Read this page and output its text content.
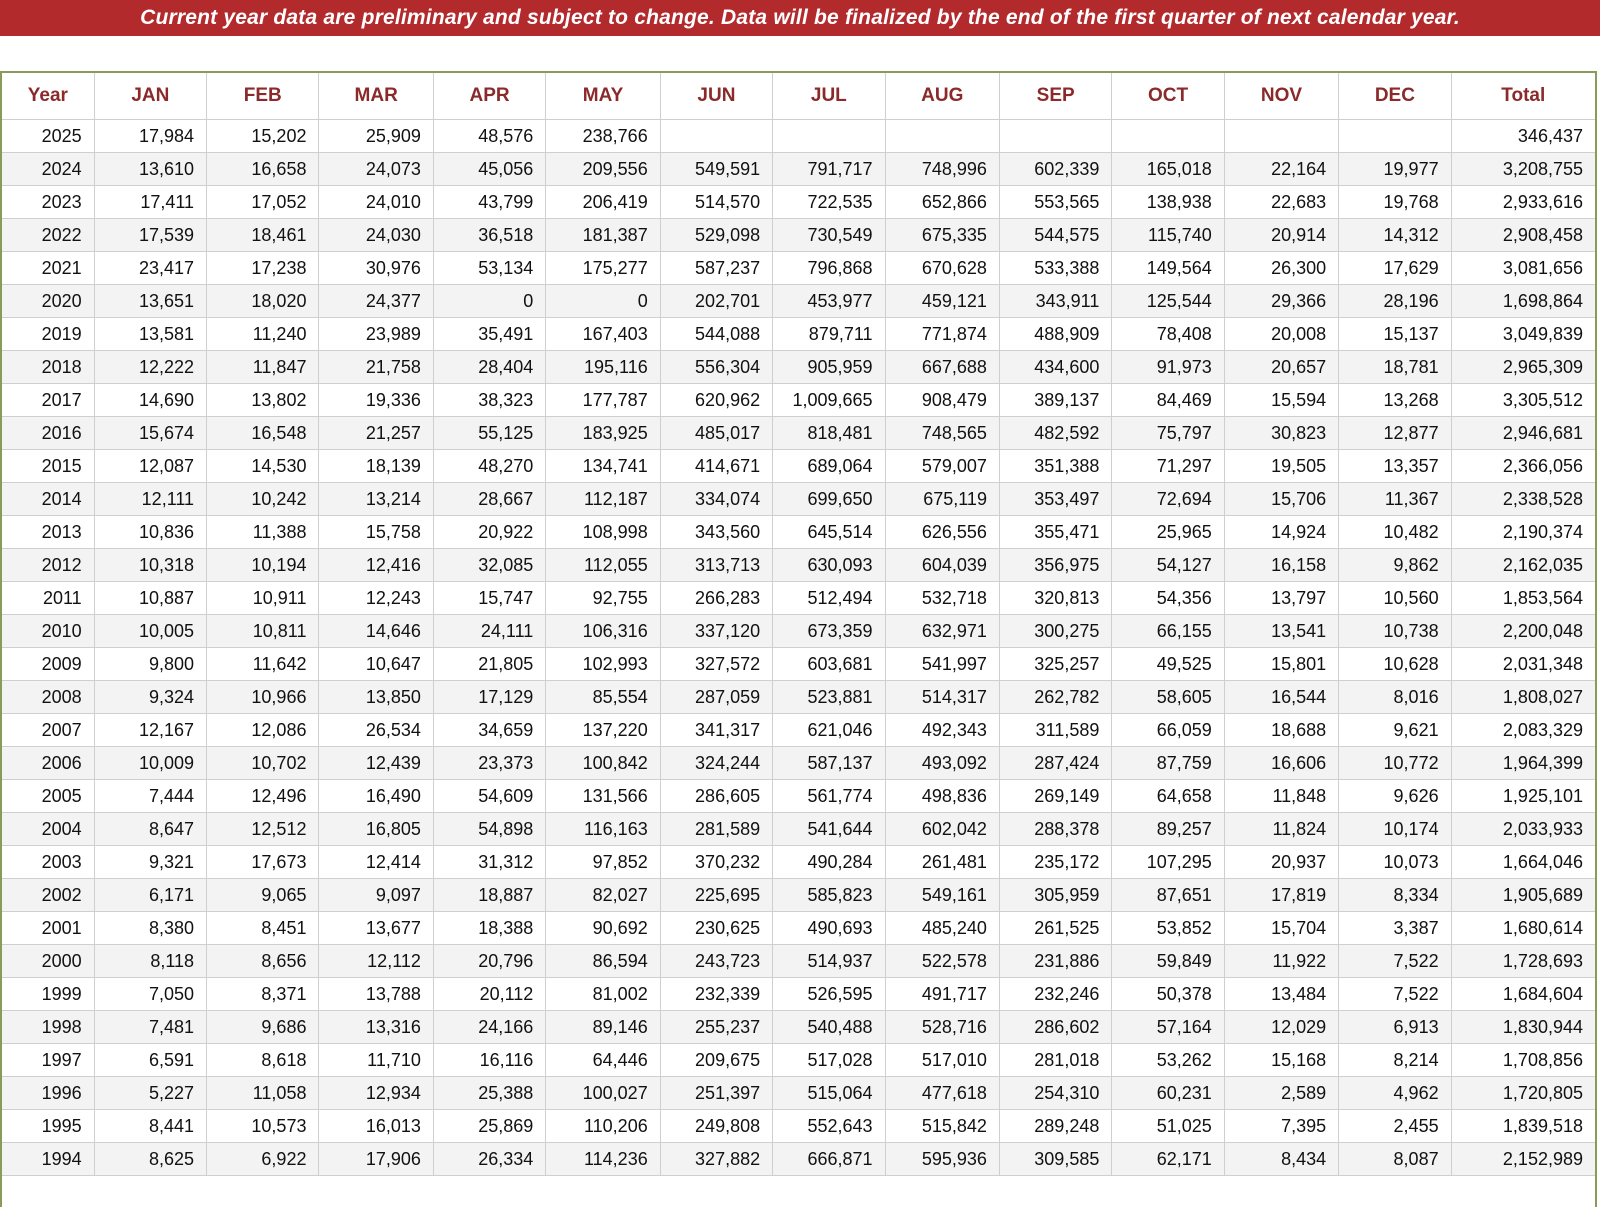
Current year data are preliminary and subject to change. Data will be finalized by the end of the first quarter of next calendar year.
Year	JAN	FEB	MAR	APR	MAY	JUN	JUL	AUG	SEP	OCT	NOV	DEC	Total
2025	17,984	15,202	25,909	48,576	238,766								346,437
2024	13,610	16,658	24,073	45,056	209,556	549,591	791,717	748,996	602,339	165,018	22,164	19,977	3,208,755
2023	17,411	17,052	24,010	43,799	206,419	514,570	722,535	652,866	553,565	138,938	22,683	19,768	2,933,616
2022	17,539	18,461	24,030	36,518	181,387	529,098	730,549	675,335	544,575	115,740	20,914	14,312	2,908,458
2021	23,417	17,238	30,976	53,134	175,277	587,237	796,868	670,628	533,388	149,564	26,300	17,629	3,081,656
2020	13,651	18,020	24,377	0	0	202,701	453,977	459,121	343,911	125,544	29,366	28,196	1,698,864
2019	13,581	11,240	23,989	35,491	167,403	544,088	879,711	771,874	488,909	78,408	20,008	15,137	3,049,839
2018	12,222	11,847	21,758	28,404	195,116	556,304	905,959	667,688	434,600	91,973	20,657	18,781	2,965,309
2017	14,690	13,802	19,336	38,323	177,787	620,962	1,009,665	908,479	389,137	84,469	15,594	13,268	3,305,512
2016	15,674	16,548	21,257	55,125	183,925	485,017	818,481	748,565	482,592	75,797	30,823	12,877	2,946,681
2015	12,087	14,530	18,139	48,270	134,741	414,671	689,064	579,007	351,388	71,297	19,505	13,357	2,366,056
2014	12,111	10,242	13,214	28,667	112,187	334,074	699,650	675,119	353,497	72,694	15,706	11,367	2,338,528
2013	10,836	11,388	15,758	20,922	108,998	343,560	645,514	626,556	355,471	25,965	14,924	10,482	2,190,374
2012	10,318	10,194	12,416	32,085	112,055	313,713	630,093	604,039	356,975	54,127	16,158	9,862	2,162,035
2011	10,887	10,911	12,243	15,747	92,755	266,283	512,494	532,718	320,813	54,356	13,797	10,560	1,853,564
2010	10,005	10,811	14,646	24,111	106,316	337,120	673,359	632,971	300,275	66,155	13,541	10,738	2,200,048
2009	9,800	11,642	10,647	21,805	102,993	327,572	603,681	541,997	325,257	49,525	15,801	10,628	2,031,348
2008	9,324	10,966	13,850	17,129	85,554	287,059	523,881	514,317	262,782	58,605	16,544	8,016	1,808,027
2007	12,167	12,086	26,534	34,659	137,220	341,317	621,046	492,343	311,589	66,059	18,688	9,621	2,083,329
2006	10,009	10,702	12,439	23,373	100,842	324,244	587,137	493,092	287,424	87,759	16,606	10,772	1,964,399
2005	7,444	12,496	16,490	54,609	131,566	286,605	561,774	498,836	269,149	64,658	11,848	9,626	1,925,101
2004	8,647	12,512	16,805	54,898	116,163	281,589	541,644	602,042	288,378	89,257	11,824	10,174	2,033,933
2003	9,321	17,673	12,414	31,312	97,852	370,232	490,284	261,481	235,172	107,295	20,937	10,073	1,664,046
2002	6,171	9,065	9,097	18,887	82,027	225,695	585,823	549,161	305,959	87,651	17,819	8,334	1,905,689
2001	8,380	8,451	13,677	18,388	90,692	230,625	490,693	485,240	261,525	53,852	15,704	3,387	1,680,614
2000	8,118	8,656	12,112	20,796	86,594	243,723	514,937	522,578	231,886	59,849	11,922	7,522	1,728,693
1999	7,050	8,371	13,788	20,112	81,002	232,339	526,595	491,717	232,246	50,378	13,484	7,522	1,684,604
1998	7,481	9,686	13,316	24,166	89,146	255,237	540,488	528,716	286,602	57,164	12,029	6,913	1,830,944
1997	6,591	8,618	11,710	16,116	64,446	209,675	517,028	517,010	281,018	53,262	15,168	8,214	1,708,856
1996	5,227	11,058	12,934	25,388	100,027	251,397	515,064	477,618	254,310	60,231	2,589	4,962	1,720,805
1995	8,441	10,573	16,013	25,869	110,206	249,808	552,643	515,842	289,248	51,025	7,395	2,455	1,839,518
1994	8,625	6,922	17,906	26,334	114,236	327,882	666,871	595,936	309,585	62,171	8,434	8,087	2,152,989
